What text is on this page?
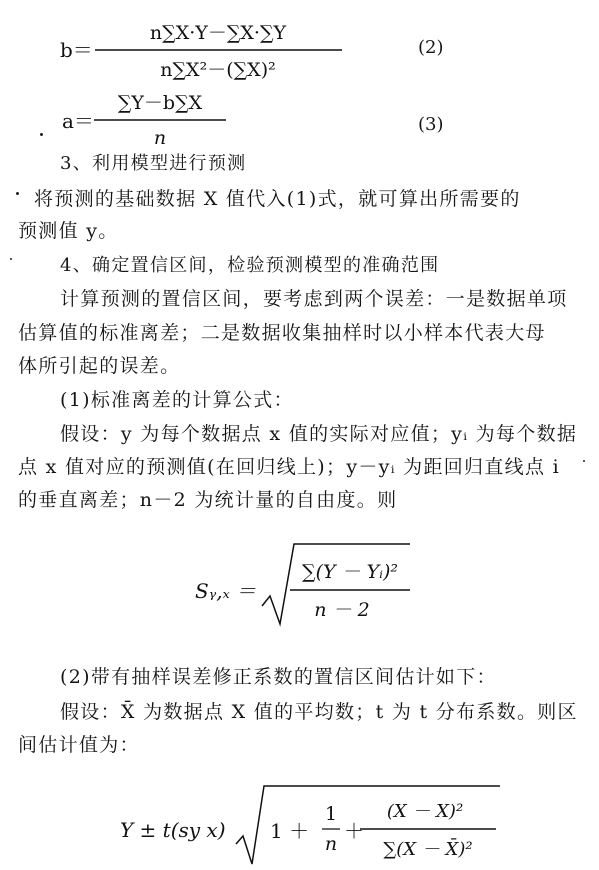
b＝
n∑X·Y－∑X·∑Y
n∑X²－(∑X)²
(2)
a＝
∑Y－b∑X
n
(3)
3、利用模型进行预测
将预测的基础数据 X 值代入(1)式，就可算出所需要的
预测值 y。
4、确定置信区间，检验预测模型的准确范围
计算预测的置信区间，要考虑到两个误差：一是数据单项
估算值的标准离差；二是数据收集抽样时以小样本代表大母
体所引起的误差。
(1)标准离差的计算公式：
假设：y 为每个数据点 x 值的实际对应值；yᵢ 为每个数据
点 x 值对应的预测值(在回归线上)；y－yᵢ 为距回归直线点 i
的垂直离差；n－2 为统计量的自由度。则
Sᵧ,ₓ ＝
∑(Y － Yᵢ)²
n － 2
(2)带有抽样误差修正系数的置信区间估计如下：
假设：X̄ 为数据点 X 值的平均数；t 为 t 分布系数。则区
间估计值为：
Y ± t(sy x) 1 ＋
1
n
＋
(X － X)²
∑(X － X̄)²
